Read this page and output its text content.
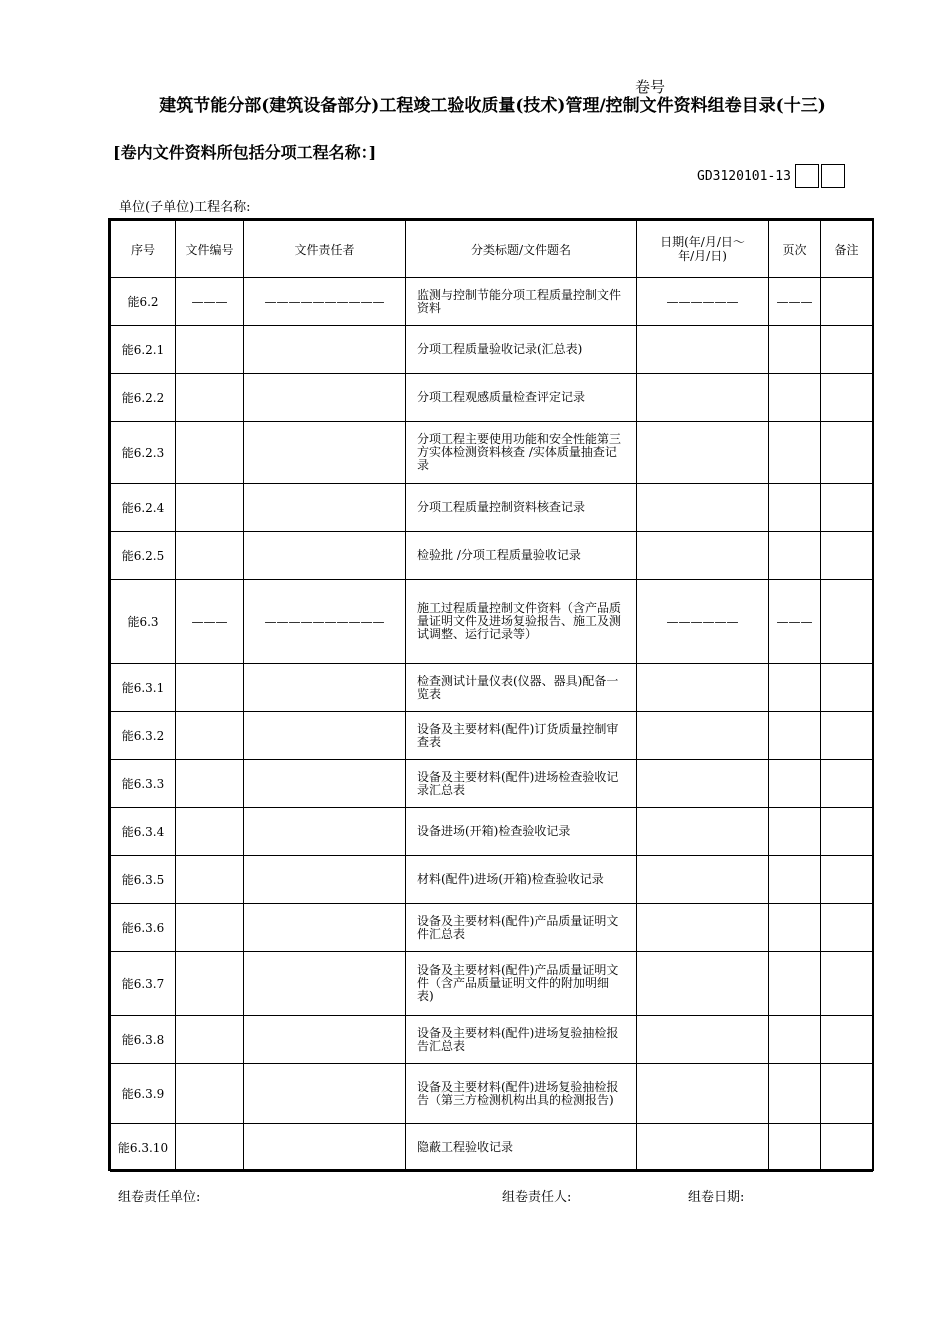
卷号
建筑节能分部(建筑设备部分)工程竣工验收质量(技术)管理/控制文件资料组卷目录(十三)
[卷内文件资料所包括分项工程名称：]
GD3120101-13
单位(子单位)工程名称:
序号	文件编号	文件责任者	分类标题/文件题名	日期(年/月/日～年/月/日)	页次	备注
能6.2	———	——————————	监测与控制节能分项工程质量控制文件资料	——————	———	
能6.2.1			分项工程质量验收记录(汇总表)			
能6.2.2			分项工程观感质量检查评定记录			
能6.2.3			分项工程主要使用功能和安全性能第三方实体检测资料核查 /实体质量抽查记录			
能6.2.4			分项工程质量控制资料核查记录			
能6.2.5			检验批 /分项工程质量验收记录			
能6.3	———	——————————	施工过程质量控制文件资料（含产品质量证明文件及进场复验报告、施工及测试调整、运行记录等）	——————	———	
能6.3.1			检查测试计量仪表(仪器、器具)配备一览表			
能6.3.2			设备及主要材料(配件)订货质量控制审查表			
能6.3.3			设备及主要材料(配件)进场检查验收记录汇总表			
能6.3.4			设备进场(开箱)检查验收记录			
能6.3.5			材料(配件)进场(开箱)检查验收记录			
能6.3.6			设备及主要材料(配件)产品质量证明文件汇总表			
能6.3.7			设备及主要材料(配件)产品质量证明文件（含产品质量证明文件的附加明细表)			
能6.3.8			设备及主要材料(配件)进场复验抽检报告汇总表			
能6.3.9			设备及主要材料(配件)进场复验抽检报告（第三方检测机构出具的检测报告)			
能6.3.10			隐蔽工程验收记录			
组卷责任单位:	组卷责任人:	组卷日期:
